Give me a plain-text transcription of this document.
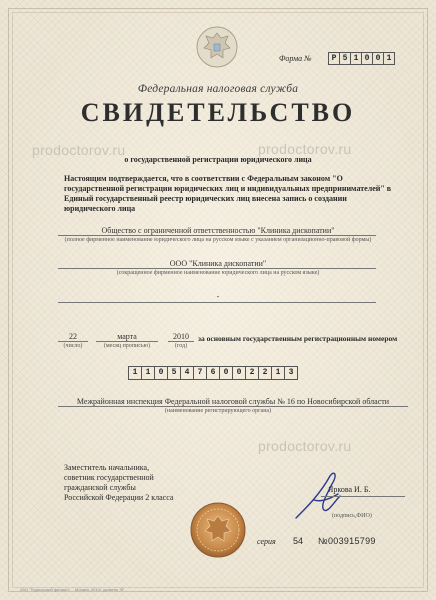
Форма №	Р 5 1 0 0 1
Федеральная налоговая служба
СВИДЕТЕЛЬСТВО
prodoctorov.ru	prodoctorov.ru
prodoctorov.ru
о государственной регистрации юридического лица
Настоящим подтверждается, что в соответствии с Федеральным законом "О государственной регистрации юридических лиц и индивидуальных предпринимателей" в Единый государственный реестр юридических лиц внесена запись о создании юридического лица
Общество с ограниченной ответственностью "Клиника дископатии"
(полное фирменное наименование юридического лица на русском языке с указанием организационно-правовой формы)
ООО "Клиника дископатии"
(сокращенное фирменное наименование юридического лица на русском языке)
-
22
(число)
марта
(месяц прописью)
2010
(год)
за основным государственным регистрационным номером
1	1	0	5	4	7	6	0	0	2	2	1	3
Межрайонная инспекция Федеральной налоговой службы № 16 по Новосибирской области
(наименование регистрирующего органа)
Заместитель начальника, советник государственной гражданской службы Российской Федерации 2 класса
Яркова И. Б.
(подпись,ФИО)
серия 54 №003915799
ЗАО "Подольский филиал"… Москва, 2010г. уровень "В"
